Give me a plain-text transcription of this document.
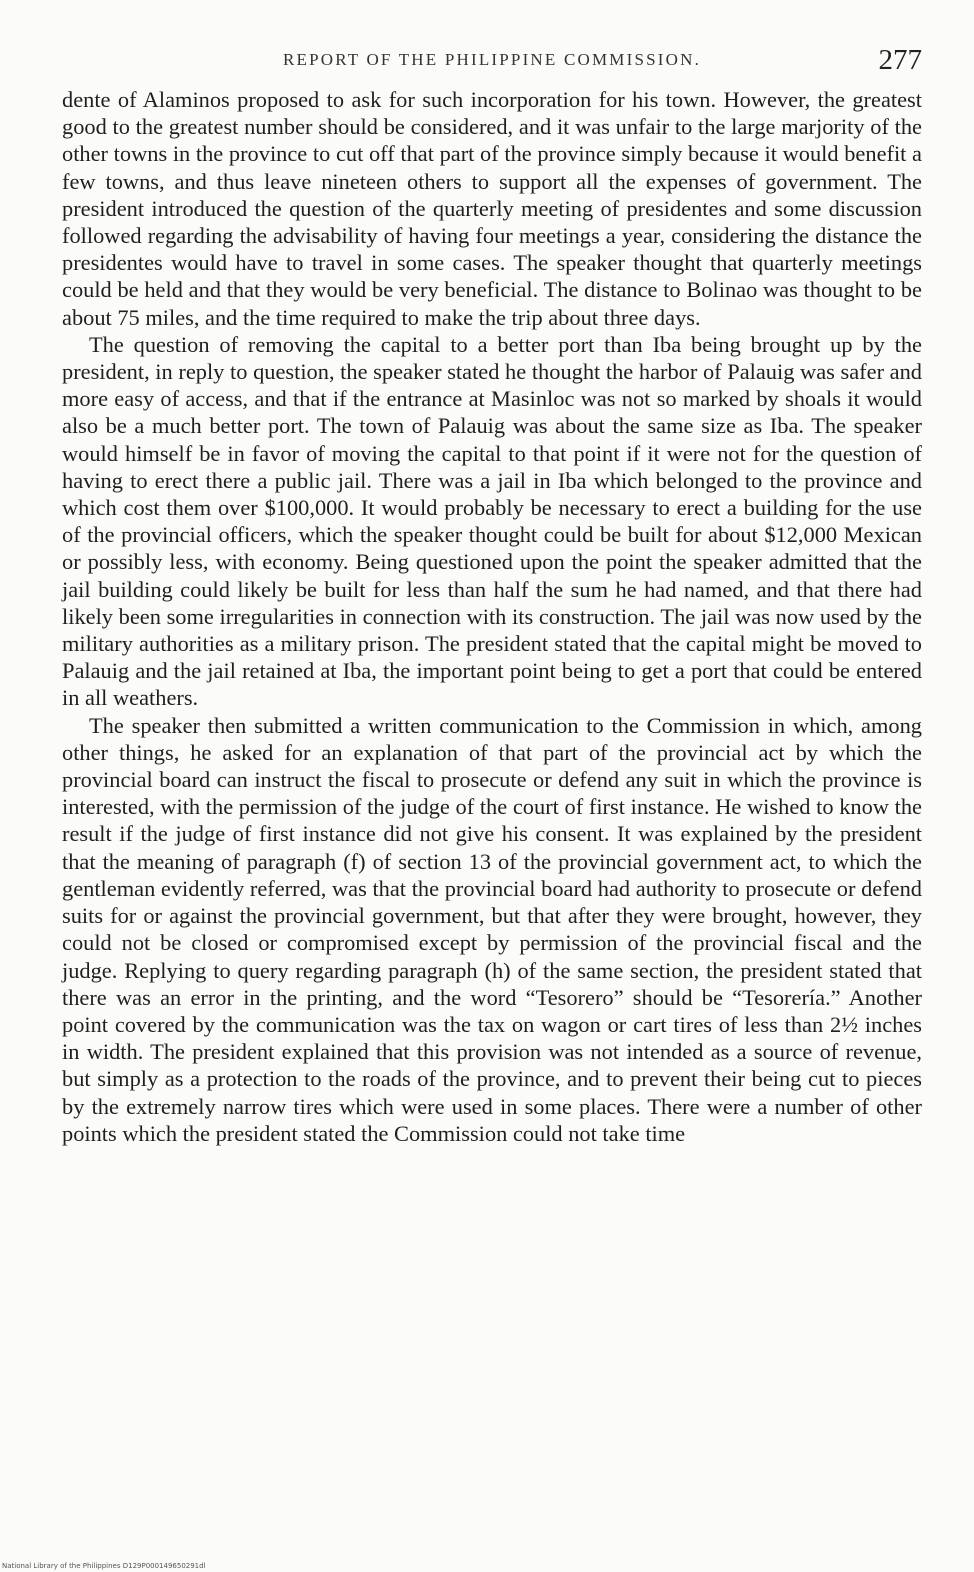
REPORT OF THE PHILIPPINE COMMISSION.	277

dente of Alaminos proposed to ask for such incorporation for his town. However, the greatest good to the greatest number should be considered, and it was unfair to the large marjority of the other towns in the province to cut off that part of the province simply because it would benefit a few towns, and thus leave nineteen others to support all the expenses of government. The president introduced the question of the quarterly meeting of presidentes and some discussion followed regarding the advisability of having four meetings a year, considering the distance the presidentes would have to travel in some cases. The speaker thought that quarterly meetings could be held and that they would be very beneficial. The distance to Bolinao was thought to be about 75 miles, and the time required to make the trip about three days.

The question of removing the capital to a better port than Iba being brought up by the president, in reply to question, the speaker stated he thought the harbor of Palauig was safer and more easy of access, and that if the entrance at Masinloc was not so marked by shoals it would also be a much better port. The town of Palauig was about the same size as Iba. The speaker would himself be in favor of moving the capital to that point if it were not for the question of having to erect there a public jail. There was a jail in Iba which belonged to the province and which cost them over $100,000. It would probably be necessary to erect a building for the use of the provincial officers, which the speaker thought could be built for about $12,000 Mexican or possibly less, with economy. Being questioned upon the point the speaker admitted that the jail building could likely be built for less than half the sum he had named, and that there had likely been some irregularities in connection with its construction. The jail was now used by the military authorities as a military prison. The president stated that the capital might be moved to Palauig and the jail retained at Iba, the important point being to get a port that could be entered in all weathers.

The speaker then submitted a written communication to the Commission in which, among other things, he asked for an explanation of that part of the provincial act by which the provincial board can instruct the fiscal to prosecute or defend any suit in which the province is interested, with the permission of the judge of the court of first instance. He wished to know the result if the judge of first instance did not give his consent. It was explained by the president that the meaning of paragraph (f) of section 13 of the provincial government act, to which the gentleman evidently referred, was that the provincial board had authority to prosecute or defend suits for or against the provincial government, but that after they were brought, however, they could not be closed or compromised except by permission of the provincial fiscal and the judge. Replying to query regarding paragraph (h) of the same section, the president stated that there was an error in the printing, and the word “Tesorero” should be “Tesorería.” Another point covered by the communication was the tax on wagon or cart tires of less than 2½ inches in width. The president explained that this provision was not intended as a source of revenue, but simply as a protection to the roads of the province, and to prevent their being cut to pieces by the extremely narrow tires which were used in some places. There were a number of other points which the president stated the Commission could not take time

National Library of the Philippines D129P000149650291dl
